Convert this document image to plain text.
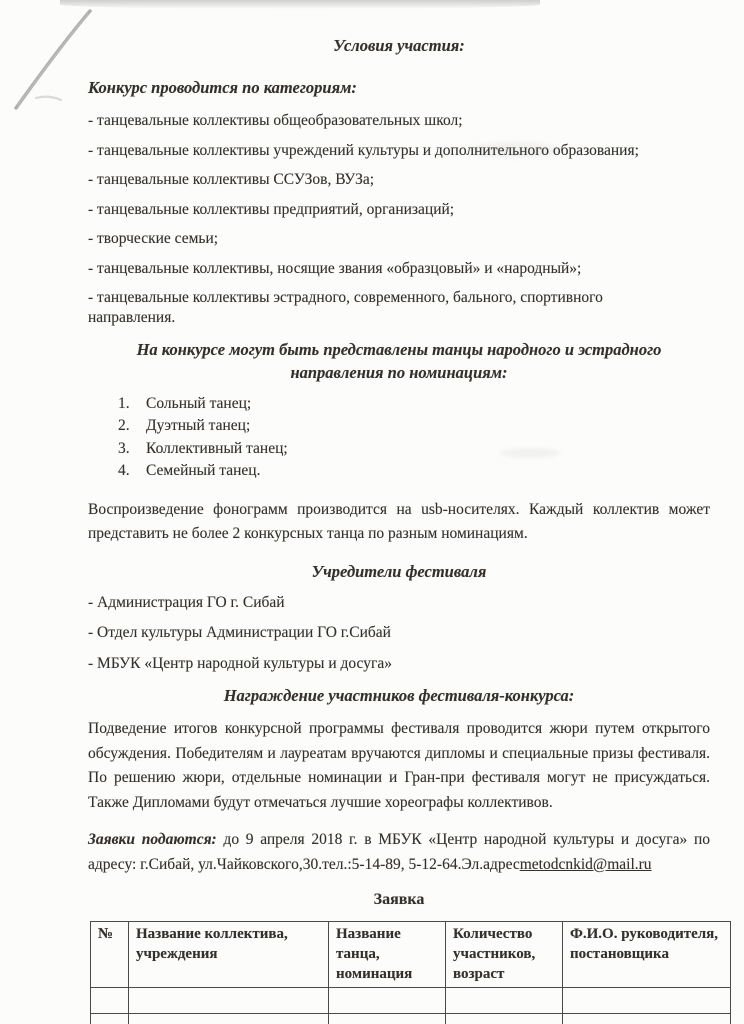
Условия участия:

Конкурс проводится по категориям:

- танцевальные коллективы общеобразовательных школ;

- танцевальные коллективы учреждений культуры и дополнительного образования;

- танцевальные коллективы ССУЗов, ВУЗа;

- танцевальные коллективы предприятий, организаций;

- творческие семьи;

- танцевальные коллективы, носящие звания «образцовый» и «народный»;

- танцевальные коллективы эстрадного, современного, бального, спортивного направления.

На конкурсе могут быть представлены танцы народного и эстрадного направления по номинациям:

1. Сольный танец;
2. Дуэтный танец;
3. Коллективный танец;
4. Семейный танец.

Воспроизведение фонограмм производится на usb-носителях. Каждый коллектив может представить не более 2 конкурсных танца по разным номинациям.

Учредители фестиваля

- Администрация ГО г. Сибай

- Отдел культуры Администрации ГО г.Сибай

- МБУК «Центр народной культуры и досуга»

Награждение участников фестиваля-конкурса:

Подведение итогов конкурсной программы фестиваля проводится жюри путем открытого обсуждения. Победителям и лауреатам вручаются дипломы и специальные призы фестиваля. По решению жюри, отдельные номинации и Гран-при фестиваля могут не присуждаться. Также Дипломами будут отмечаться лучшие хореографы коллективов.

Заявки подаются: до 9 апреля 2018 г. в МБУК «Центр народной культуры и досуга» по адресу: г.Сибай, ул.Чайковского,30.тел.:5-14-89, 5-12-64.Эл.адресmetodcnkid@mail.ru

Заявка

№	Название коллектива, учреждения	Название танца, номинация	Количество участников, возраст	Ф.И.О. руководителя, постановщика
